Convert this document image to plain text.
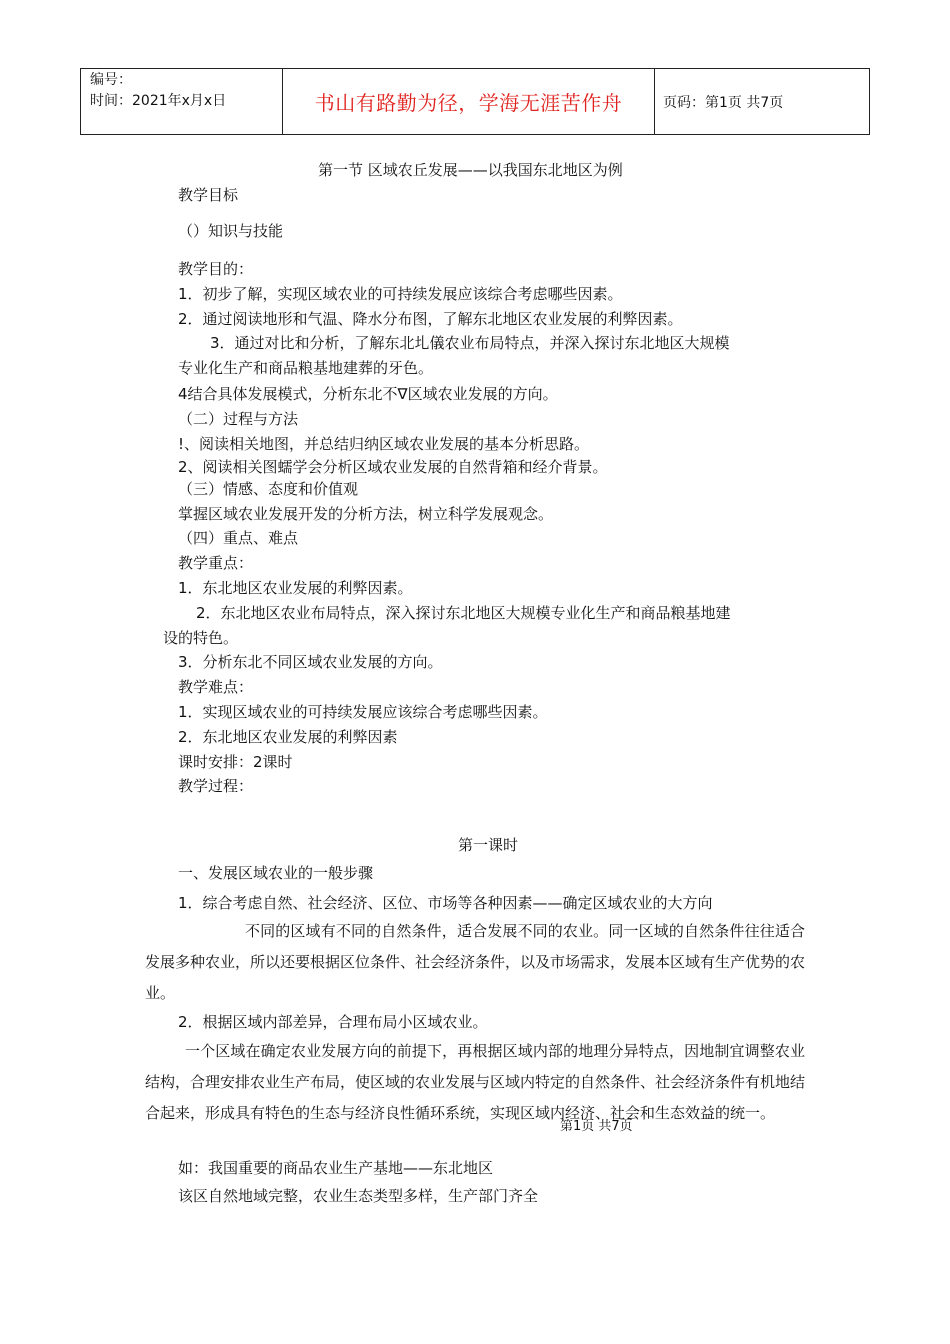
编号：
时间：2021年x月x日	书山有路勤为径，学海无涯苦作舟	页码：第1页 共7页
第一节 区域农丘发展——以我国东北地区为例
教学目标
（）知识与技能
教学目的：
1．初步了解，实现区域农业的可持续发展应该综合考虑哪些因素。
2．通过阅读地形和气温、降水分布图，了解东北地区农业发展的利弊因素。
3．通过对比和分析，了解东北圠儀农业布局特点，并深入探讨东北地区大规模
专业化生产和商品粮基地建葬的牙色。
4结合具体发展模式，分析东北不∇区域农业发展的方向。
（二）过程与方法
!、阅读相关地图，并总结归纳区域农业发展的基本分析思路。
2、阅读相关图蠕学会分析区域农业发展的自然背箱和经介背景。
（三）情感、态度和价值观
掌握区域农业发展开发的分析方法，树立科学发展观念。
（四）重点、难点
教学重点：
1．东北地区农业发展的利弊因素。
2．东北地区农业布局特点，深入探讨东北地区大规模专业化生产和商品粮基地建
设的特色。
3．分析东北不同区域农业发展的方向。
教学难点：
1．实现区域农业的可持续发展应该综合考虑哪些因素。
2．东北地区农业发展的利弊因素
课时安排：2课时
教学过程：
第一课时
一、发展区域农业的一般步骤
1．综合考虑自然、社会经济、区位、市场等各种因素——确定区域农业的大方向
不同的区域有不同的自然条件，适合发展不同的农业。同一区域的自然条件往往适合发展多种农业，所以还要根据区位条件、社会经济条件，以及市场需求，发展本区域有生产优势的农业。
2．根据区域内部差异，合理布局小区域农业。
一个区域在确定农业发展方向的前提下，再根据区域内部的地理分异特点，因地制宜调整农业结构，合理安排农业生产布局，使区域的农业发展与区域内特定的自然条件、社会经济条件有机地结合起来，形成具有特色的生态与经济良性循环系统，实现区域内经济、社会和生态效益的统一。
第1页 共7页
如：我国重要的商品农业生产基地——东北地区
该区自然地域完整，农业生态类型多样，生产部门齐全
